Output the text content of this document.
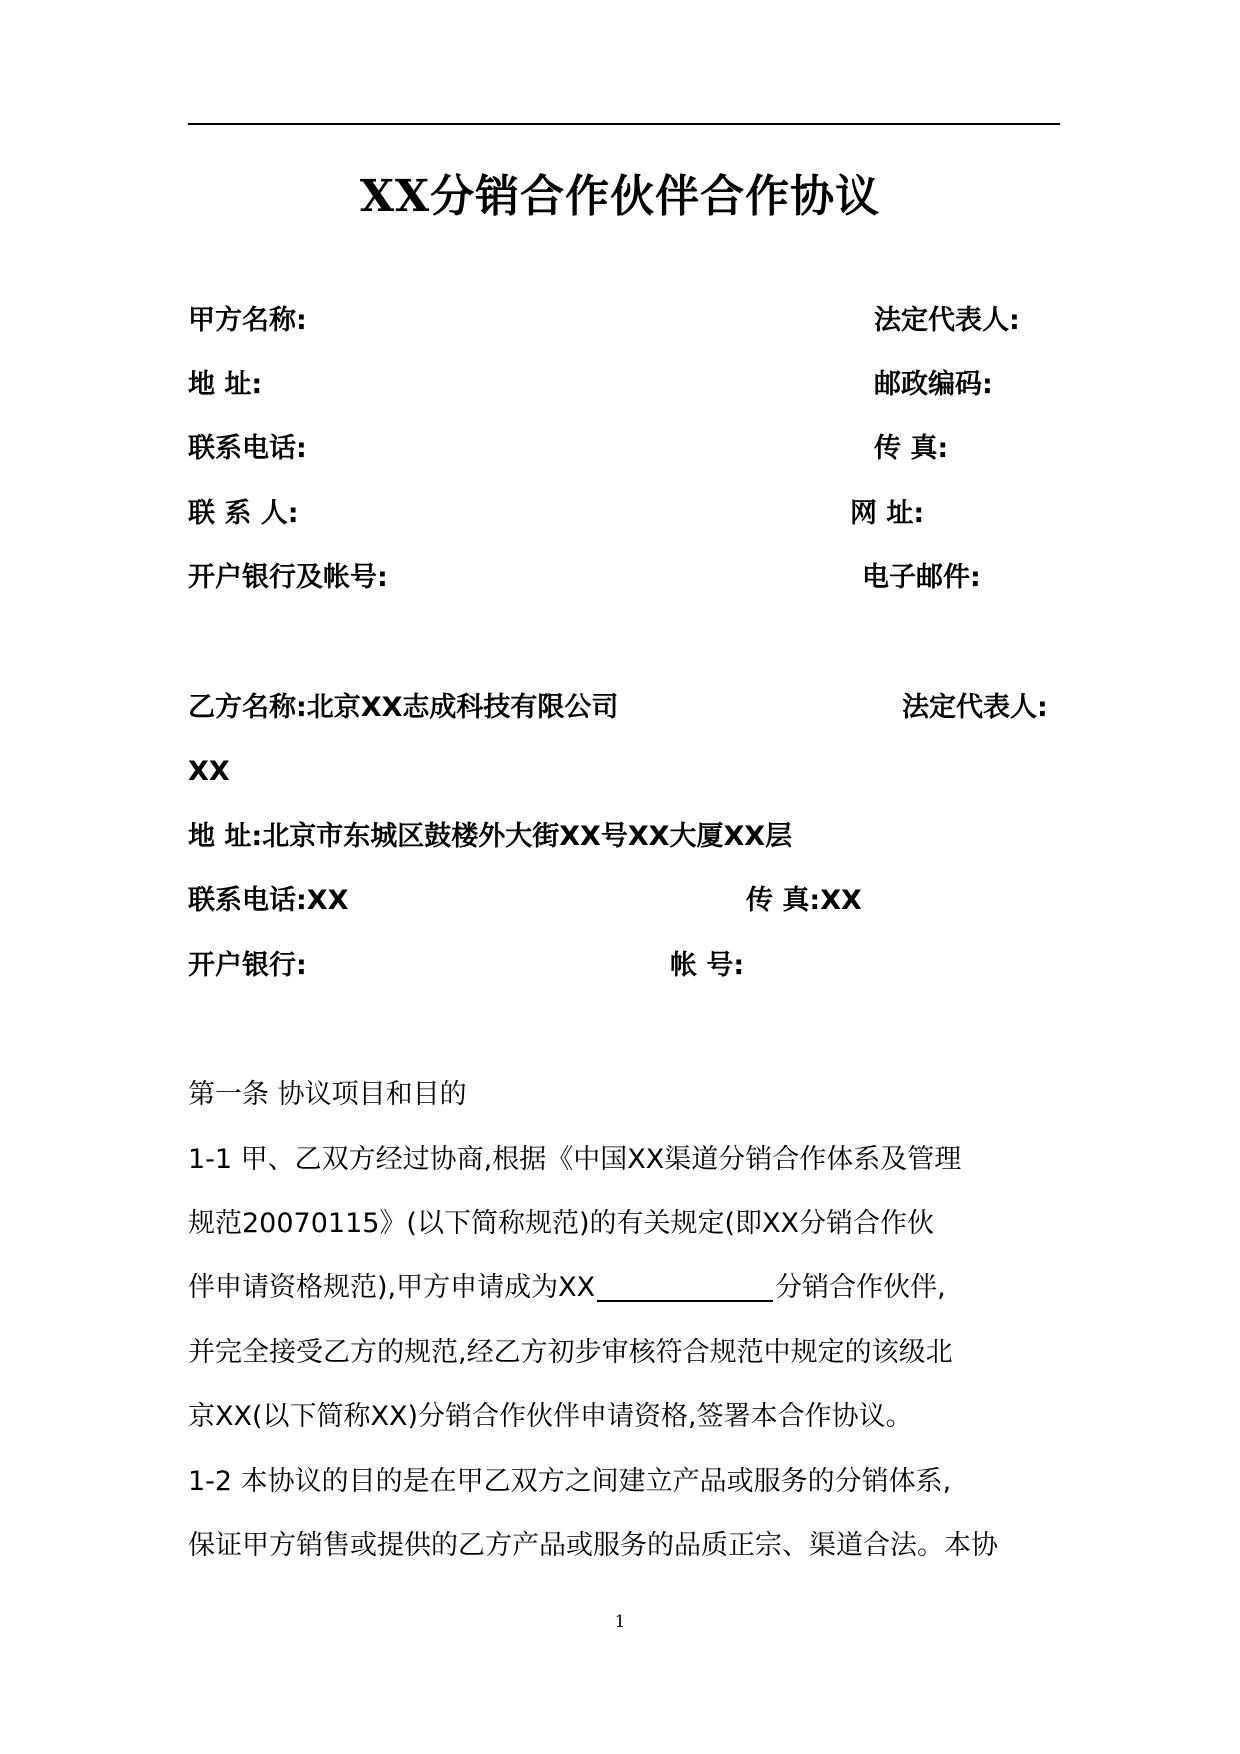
XX分销合作伙伴合作协议
甲方名称:	法定代表人:
地 址:	邮政编码:
联系电话:	传 真:
联 系 人:	网 址:
开户银行及帐号:	电子邮件:
乙方名称:北京XX志成科技有限公司	法定代表人:
XX
地 址:北京市东城区鼓楼外大街XX号XX大厦XX层
联系电话:XX	传 真:XX
开户银行:	帐 号:
第一条 协议项目和目的
1-1 甲、乙双方经过协商,根据《中国XX渠道分销合作体系及管理
规范20070115》(以下简称规范)的有关规定(即XX分销合作伙
伴申请资格规范),甲方申请成为XX	分销合作伙伴,
并完全接受乙方的规范,经乙方初步审核符合规范中规定的该级北
京XX(以下简称XX)分销合作伙伴申请资格,签署本合作协议。
1-2 本协议的目的是在甲乙双方之间建立产品或服务的分销体系,
保证甲方销售或提供的乙方产品或服务的品质正宗、渠道合法。本协
1
